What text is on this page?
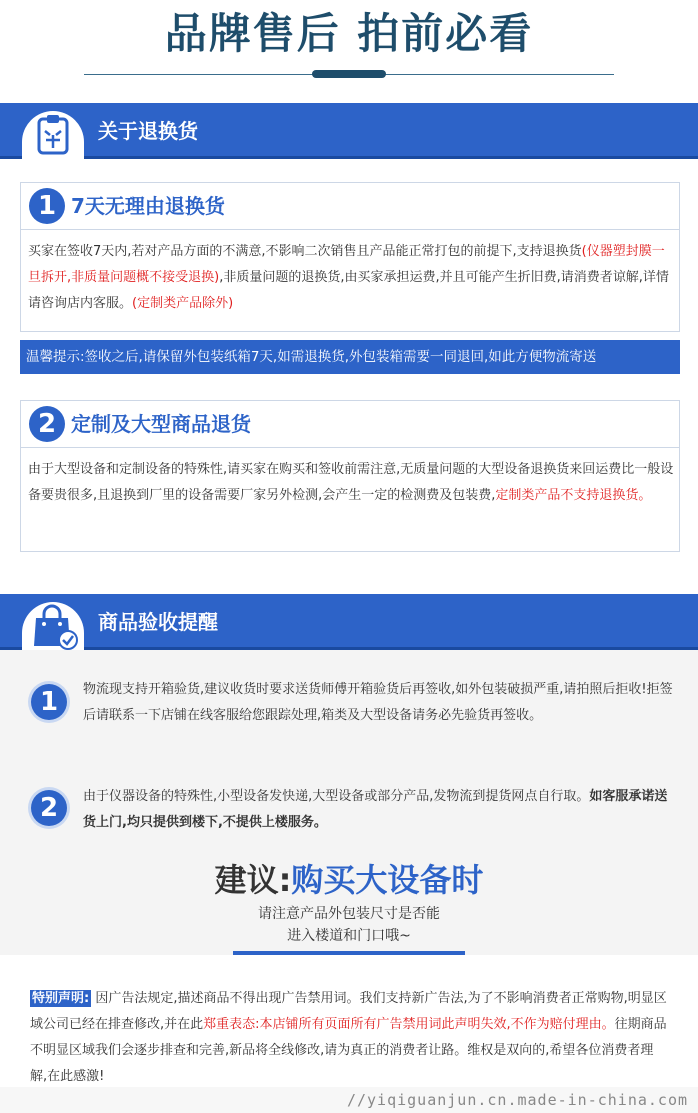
品牌售后 拍前必看
关于退换货
1 7天无理由退换货
买家在签收7天内,若对产品方面的不满意,不影响二次销售且产品能正常打包的前提下,支持退换货(仪器塑封膜一旦拆开,非质量问题概不接受退换),非质量问题的退换货,由买家承担运费,并且可能产生折旧费,请消费者谅解,详情请咨询店内客服。(定制类产品除外)
温馨提示:签收之后,请保留外包装纸箱7天,如需退换货,外包装箱需要一同退回,如此方便物流寄送
2 定制及大型商品退货
由于大型设备和定制设备的特殊性,请买家在购买和签收前需注意,无质量问题的大型设备退换货来回运费比一般设备要贵很多,且退换到厂里的设备需要厂家另外检测,会产生一定的检测费及包装费,定制类产品不支持退换货。
商品验收提醒
1	物流现支持开箱验货,建议收货时要求送货师傅开箱验货后再签收,如外包装破损严重,请拍照后拒收!拒签后请联系一下店铺在线客服给您跟踪处理,箱类及大型设备请务必先验货再签收。
2	由于仪器设备的特殊性,小型设备发快递,大型设备或部分产品,发物流到提货网点自行取。如客服承诺送货上门,均只提供到楼下,不提供上楼服务。
建议:购买大设备时
请注意产品外包装尺寸是否能
进入楼道和门口哦~
特别声明: 因广告法规定,描述商品不得出现广告禁用词。我们支持新广告法,为了不影响消费者正常购物,明显区域公司已经在排查修改,并在此郑重表态:本店铺所有页面所有广告禁用词此声明失效,不作为赔付理由。往期商品不明显区域我们会逐步排查和完善,新品将全线修改,请为真正的消费者让路。维权是双向的,希望各位消费者理解,在此感激!
//yiqiguanjun.cn.made-in-china.com
